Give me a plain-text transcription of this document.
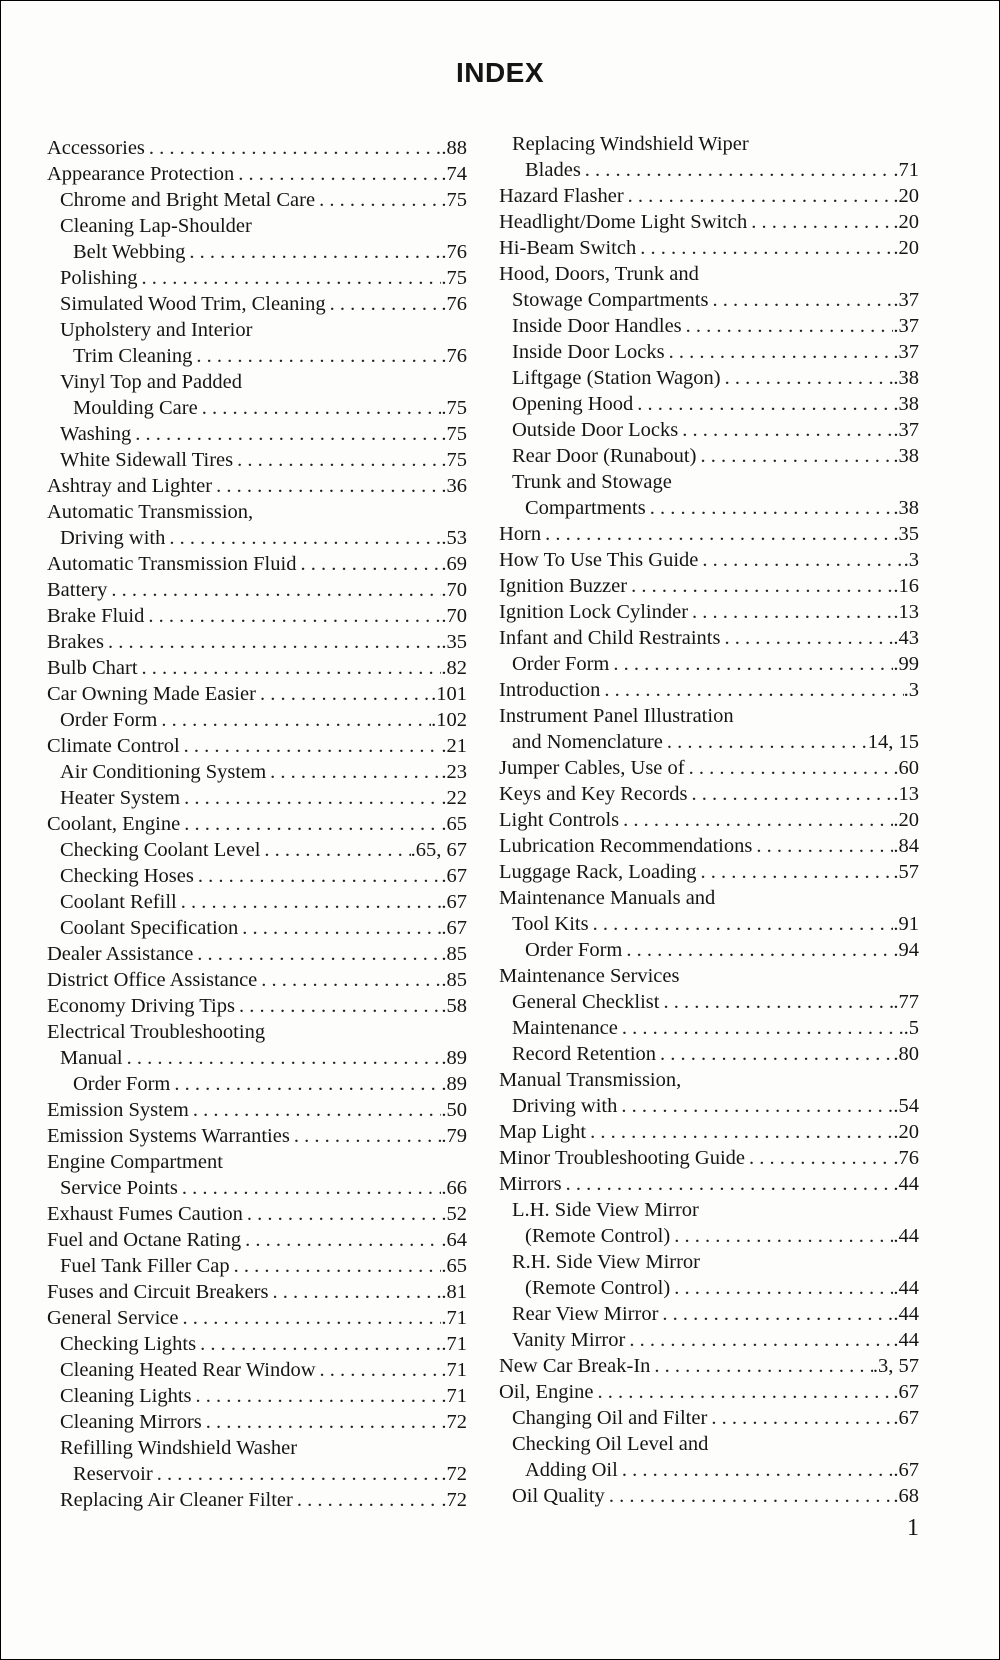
INDEX
Accessories . . .	.88
Appearance Protection . . .	.74
Chrome and Bright Metal Care . . .	.75
Cleaning Lap-Shoulder
Belt Webbing . . .	.76
Polishing . . .	.75
Simulated Wood Trim, Cleaning . . .	.76
Upholstery and Interior
Trim Cleaning . . .	.76
Vinyl Top and Padded
Moulding Care . . .	.75
Washing . . .	.75
White Sidewall Tires . . .	.75
Ashtray and Lighter . . .	.36
Automatic Transmission,
Driving with . . .	.53
Automatic Transmission Fluid . . .	.69
Battery . . .	.70
Brake Fluid . . .	.70
Brakes . . .	.35
Bulb Chart . . .	.82
Car Owning Made Easier . . .	.101
Order Form . . .	.102
Climate Control . . .	.21
Air Conditioning System . . .	.23
Heater System . . .	.22
Coolant, Engine . . .	.65
Checking Coolant Level . . .	.65, 67
Checking Hoses . . .	.67
Coolant Refill . . .	.67
Coolant Specification . . .	.67
Dealer Assistance . . .	.85
District Office Assistance . . .	.85
Economy Driving Tips . . .	.58
Electrical Troubleshooting
Manual . . .	.89
Order Form . . .	.89
Emission System . . .	.50
Emission Systems Warranties . . .	.79
Engine Compartment
Service Points . . .	.66
Exhaust Fumes Caution . . .	.52
Fuel and Octane Rating . . .	.64
Fuel Tank Filler Cap . . .	.65
Fuses and Circuit Breakers . . .	.81
General Service . . .	.71
Checking Lights . . .	.71
Cleaning Heated Rear Window . . .	.71
Cleaning Lights . . .	.71
Cleaning Mirrors . . .	.72
Refilling Windshield Washer
Reservoir . . .	.72
Replacing Air Cleaner Filter . . .	.72
Replacing Windshield Wiper
Blades . . .	.71
Hazard Flasher . . .	.20
Headlight/Dome Light Switch . . .	.20
Hi-Beam Switch . . .	.20
Hood, Doors, Trunk and
Stowage Compartments . . .	.37
Inside Door Handles . . .	.37
Inside Door Locks . . .	.37
Liftgage (Station Wagon) . . .	.38
Opening Hood . . .	.38
Outside Door Locks . . .	.37
Rear Door (Runabout) . . .	.38
Trunk and Stowage
Compartments . . .	.38
Horn . . .	.35
How To Use This Guide . . .	.3
Ignition Buzzer . . .	.16
Ignition Lock Cylinder . . .	.13
Infant and Child Restraints . . .	.43
Order Form . . .	.99
Introduction . . .	.3
Instrument Panel Illustration
and Nomenclature . . .	14, 15
Jumper Cables, Use of . . .	.60
Keys and Key Records . . .	.13
Light Controls . . .	.20
Lubrication Recommendations . . .	.84
Luggage Rack, Loading . . .	.57
Maintenance Manuals and
Tool Kits . . .	.91
Order Form . . .	.94
Maintenance Services
General Checklist . . .	.77
Maintenance . . .	.5
Record Retention . . .	.80
Manual Transmission,
Driving with . . .	.54
Map Light . . .	.20
Minor Troubleshooting Guide . . .	.76
Mirrors . . .	.44
L.H. Side View Mirror
(Remote Control) . . .	.44
R.H. Side View Mirror
(Remote Control) . . .	.44
Rear View Mirror . . .	.44
Vanity Mirror . . .	.44
New Car Break-In . . .	.3, 57
Oil, Engine . . .	.67
Changing Oil and Filter . . .	.67
Checking Oil Level and
Adding Oil . . .	.67
Oil Quality . . .	.68
1
